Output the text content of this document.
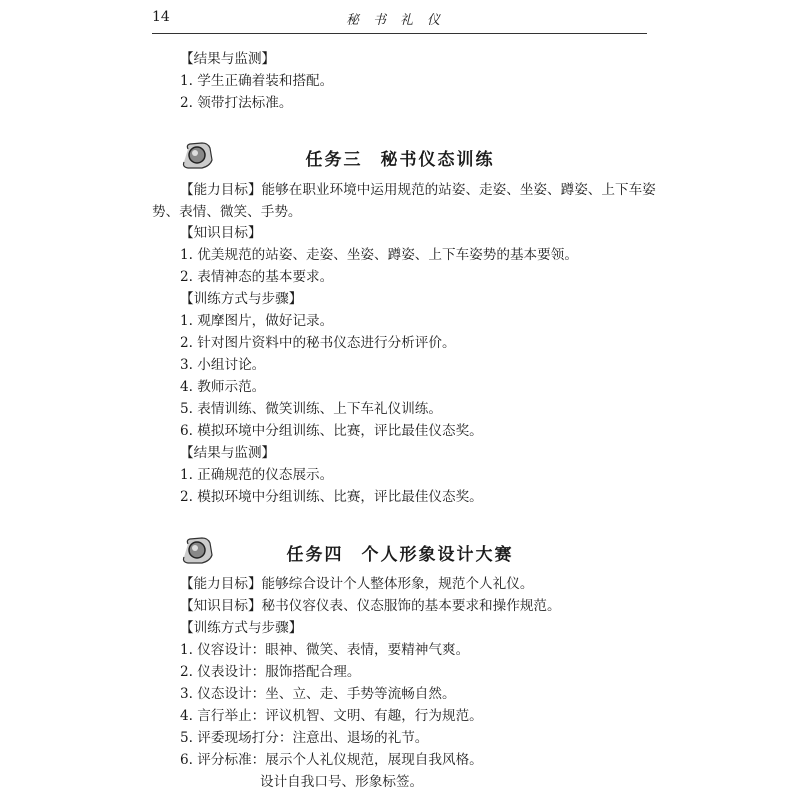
14	秘书礼仪
【结果与监测】
1. 学生正确着装和搭配。
2. 领带打法标准。
任务三 秘书仪态训练
【能力目标】能够在职业环境中运用规范的站姿、走姿、坐姿、蹲姿、上下车姿
势、表情、微笑、手势。
【知识目标】
1. 优美规范的站姿、走姿、坐姿、蹲姿、上下车姿势的基本要领。
2. 表情神态的基本要求。
【训练方式与步骤】
1. 观摩图片，做好记录。
2. 针对图片资料中的秘书仪态进行分析评价。
3. 小组讨论。
4. 教师示范。
5. 表情训练、微笑训练、上下车礼仪训练。
6. 模拟环境中分组训练、比赛，评比最佳仪态奖。
【结果与监测】
1. 正确规范的仪态展示。
2. 模拟环境中分组训练、比赛，评比最佳仪态奖。
任务四 个人形象设计大赛
【能力目标】能够综合设计个人整体形象，规范个人礼仪。
【知识目标】秘书仪容仪表、仪态服饰的基本要求和操作规范。
【训练方式与步骤】
1. 仪容设计：眼神、微笑、表情，要精神气爽。
2. 仪表设计：服饰搭配合理。
3. 仪态设计：坐、立、走、手势等流畅自然。
4. 言行举止：评议机智、文明、有趣，行为规范。
5. 评委现场打分：注意出、退场的礼节。
6. 评分标准：展示个人礼仪规范，展现自我风格。
设计自我口号、形象标签。
